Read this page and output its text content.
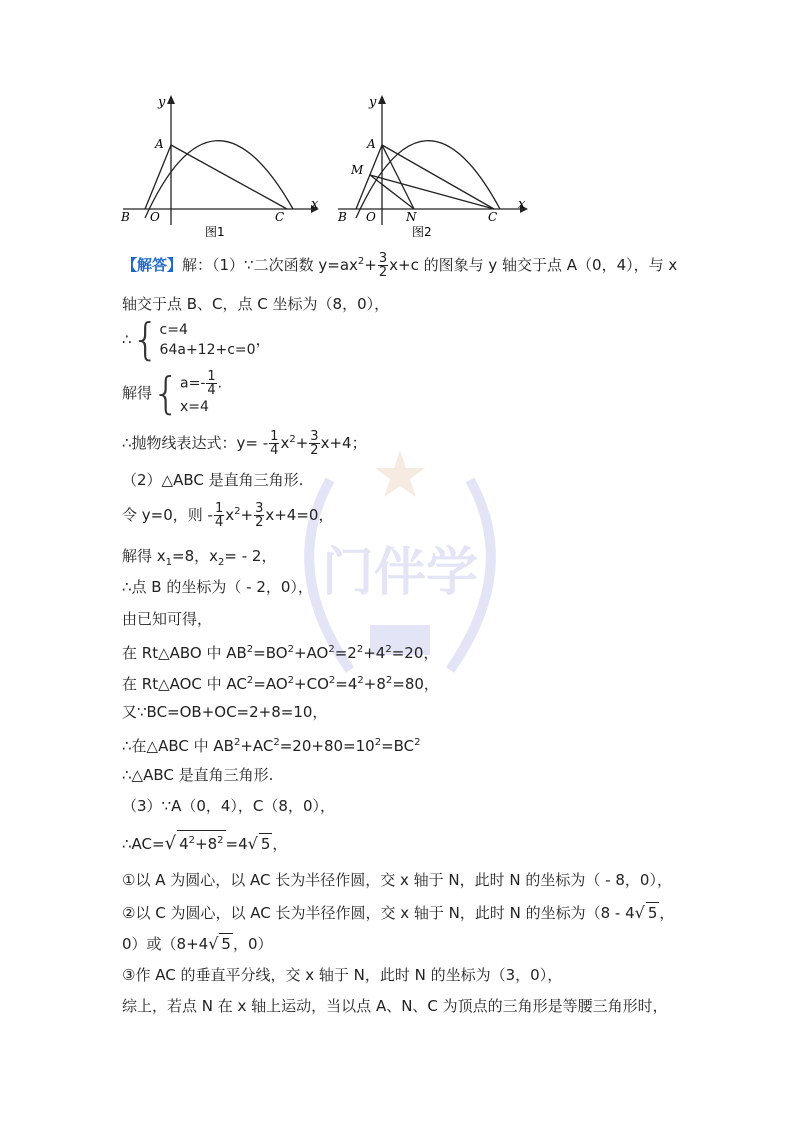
y
x
A
B O	C
图1
y
x
A
M
B O	N	C
图2
门伴学
【解答】解：（1）∵二次函数 $y=ax^2+ \frac{3}{2} x+c$ 的图象与 y 轴交于点 A（0，4），与 x
轴交于点 B、C，点 C 坐标为（8，0），
∴{ c=4
64a+12+c=0
，
解得{ $a=- \frac{1}{4}$ .
x=4
∴抛物线表达式：$y= - \frac{1}{4} x^2+ \frac{3}{2} x+4$；
（2）△ABC 是直角三角形.
令 y=0，则 - $\frac{1}{4} x^2+ \frac{3}{2} x+4=0$，
解得 $x_1=8$，$x_2= - 2$，
∴点 B 的坐标为（ - 2，0），
由已知可得，
在 Rt△ABO 中 $AB^2=BO^2+AO^2=2^2+4^2=20$，
在 Rt△AOC 中 $AC^2=AO^2+CO^2=4^2+8^2=80$，
又∵BC=OB+OC=2+8=10，
∴在△ABC 中 $AB^2+AC^2=20+80=10^2=BC^2$
∴△ABC 是直角三角形.
（3）∵A（0，4），C（8，0），
∴AC=√ $4^2+8^2 =4√$ 5 ，
①以 A 为圆心，以 AC 长为半径作圆，交 x 轴于 N，此时 N 的坐标为（ - 8，0），
②以 C 为圆心，以 AC 长为半径作圆，交 x 轴于 N，此时 N 的坐标为（8 - 4√ 5 ，
0）或（8+4√ 5 ，0）
③作 AC 的垂直平分线，交 x 轴于 N，此时 N 的坐标为（3，0），
综上，若点 N 在 x 轴上运动，当以点 A、N、C 为顶点的三角形是等腰三角形时，
